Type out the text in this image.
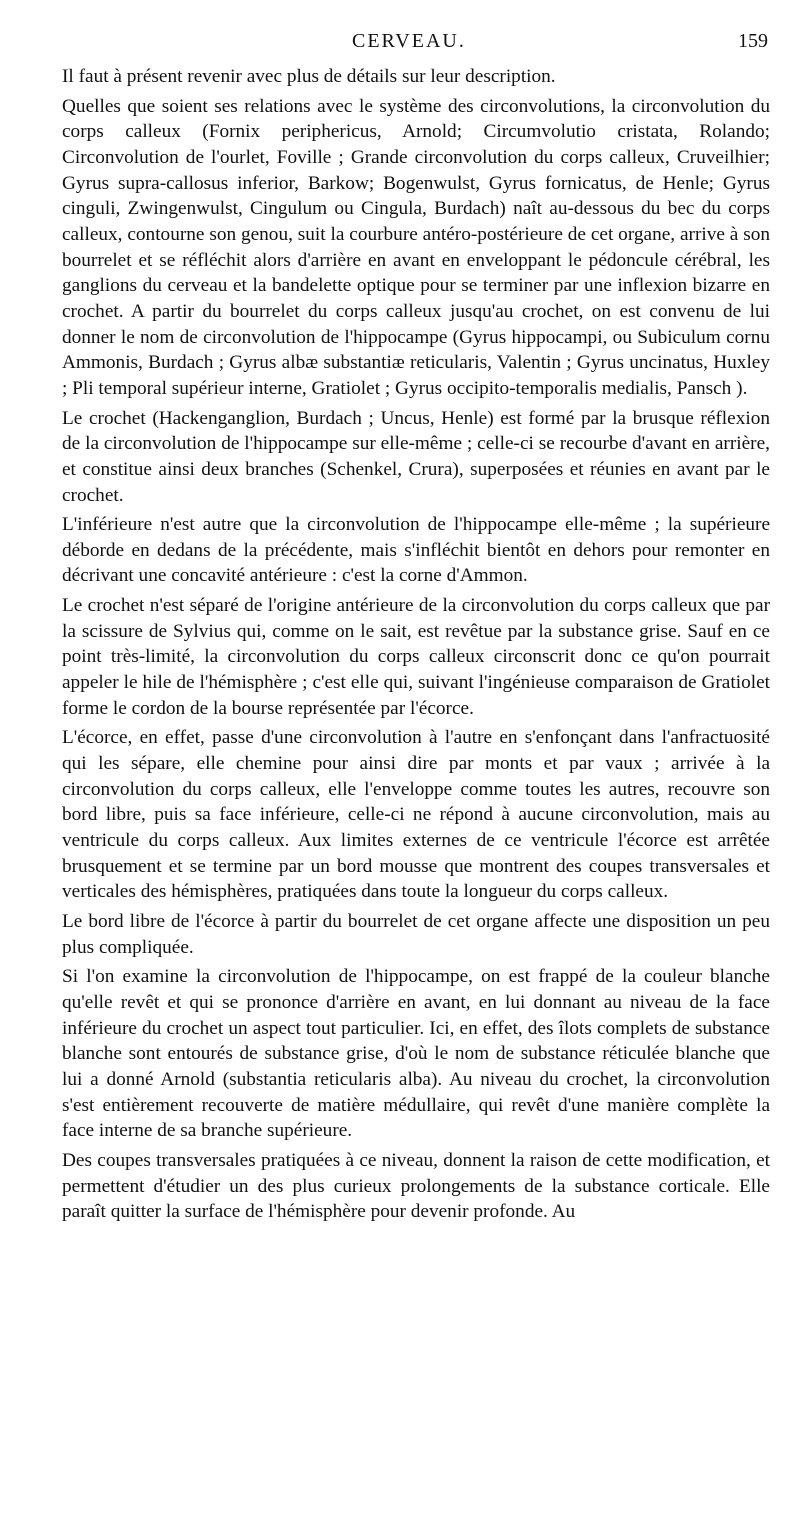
CERVEAU.	159

Il faut à présent revenir avec plus de détails sur leur description.

Quelles que soient ses relations avec le système des circonvolutions, la circonvolution du corps calleux (Fornix periphericus, Arnold; Circumvolutio cristata, Rolando; Circonvolution de l'ourlet, Foville ; Grande circonvolution du corps calleux, Cruveilhier; Gyrus supra-callosus inferior, Barkow; Bogenwulst, Gyrus fornicatus, de Henle; Gyrus cinguli, Zwingenwulst, Cingulum ou Cingula, Burdach) naît au-dessous du bec du corps calleux, contourne son genou, suit la courbure antéro-postérieure de cet organe, arrive à son bourrelet et se réfléchit alors d'arrière en avant en enveloppant le pédoncule cérébral, les ganglions du cerveau et la bandelette optique pour se terminer par une inflexion bizarre en crochet. A partir du bourrelet du corps calleux jusqu'au crochet, on est convenu de lui donner le nom de circonvolution de l'hippocampe (Gyrus hippocampi, ou Subiculum cornu Ammonis, Burdach ; Gyrus albæ substantiæ reticularis, Valentin ; Gyrus uncinatus, Huxley ; Pli temporal supérieur interne, Gratiolet ; Gyrus occipito-temporalis medialis, Pansch ).

Le crochet (Hackenganglion, Burdach ; Uncus, Henle) est formé par la brusque réflexion de la circonvolution de l'hippocampe sur elle-même ; celle-ci se recourbe d'avant en arrière, et constitue ainsi deux branches (Schenkel, Crura), superposées et réunies en avant par le crochet.

L'inférieure n'est autre que la circonvolution de l'hippocampe elle-même ; la supérieure déborde en dedans de la précédente, mais s'infléchit bientôt en dehors pour remonter en décrivant une concavité antérieure : c'est la corne d'Ammon.

Le crochet n'est séparé de l'origine antérieure de la circonvolution du corps calleux que par la scissure de Sylvius qui, comme on le sait, est revêtue par la substance grise. Sauf en ce point très-limité, la circonvolution du corps calleux circonscrit donc ce qu'on pourrait appeler le hile de l'hémisphère ; c'est elle qui, suivant l'ingénieuse comparaison de Gratiolet forme le cordon de la bourse représentée par l'écorce.

L'écorce, en effet, passe d'une circonvolution à l'autre en s'enfonçant dans l'anfractuosité qui les sépare, elle chemine pour ainsi dire par monts et par vaux ; arrivée à la circonvolution du corps calleux, elle l'enveloppe comme toutes les autres, recouvre son bord libre, puis sa face inférieure, celle-ci ne répond à aucune circonvolution, mais au ventricule du corps calleux. Aux limites externes de ce ventricule l'écorce est arrêtée brusquement et se termine par un bord mousse que montrent des coupes transversales et verticales des hémisphères, pratiquées dans toute la longueur du corps calleux.

Le bord libre de l'écorce à partir du bourrelet de cet organe affecte une disposition un peu plus compliquée.

Si l'on examine la circonvolution de l'hippocampe, on est frappé de la couleur blanche qu'elle revêt et qui se prononce d'arrière en avant, en lui donnant au niveau de la face inférieure du crochet un aspect tout particulier. Ici, en effet, des îlots complets de substance blanche sont entourés de substance grise, d'où le nom de substance réticulée blanche que lui a donné Arnold (substantia reticularis alba). Au niveau du crochet, la circonvolution s'est entièrement recouverte de matière médullaire, qui revêt d'une manière complète la face interne de sa branche supérieure.

Des coupes transversales pratiquées à ce niveau, donnent la raison de cette modification, et permettent d'étudier un des plus curieux prolongements de la substance corticale. Elle paraît quitter la surface de l'hémisphère pour devenir profonde. Au
